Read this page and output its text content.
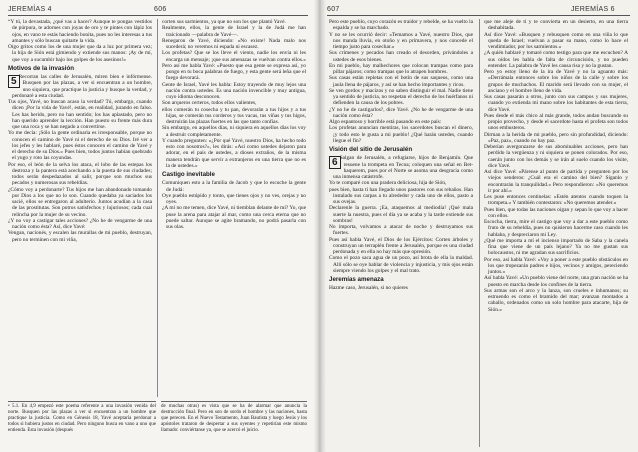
JEREMÍAS 4	606

“Y tú, la devastada, ¿qué vas a hacer? Aunque te pongas vestidos de púrpura, te adornes con joyas de oro y te pintes con lápiz los ojos, en vano te estás haciendo bonita, pues no les interesas a tus amantes y sólo buscan quitarte la vida.

Oigo gritos como los de una mujer que da a luz por primera vez; la hija de Sión está gimiendo y extiende sus manos: ¡Ay de mí, que voy a sucumbir bajo los golpes de los asesinos!»

Motivos de la invasión
5 Recorran las calles de Jerusalén, miren bien e infórmense. Busquen por las plazas, a ver si encuentran a un hombre, uno siquiera, que practique la justicia y busque la verdad, y perdonaré a esta ciudad.

Tus ojos, Yavé, no buscan acaso la verdad? Tú, embargo, cuando dicen ¡Por la vida de Yavé!, están, en realidad, jurando en falso. Les has herido, pero no han sentido; los has aplastado, pero no han querido aprender la lección. Han puesto su frente más dura que una roca y se han negado a convertirse.

Yo me decía: ¡Sólo la gente ordinaria es irresponsable, porque no conocen el camino de Yavé ni el derecho de su Dios. Iré ver a los jefes y les hablaré, pues éstos conocen el camino de Yavé y el derecho de su Dios.» Pues bien, todos juntos habían quebrado el yugo y roto las coyundas.

Por eso, el león de la selva los ataca, el lobo de las estepas los destroza y la pantera está acechando a la puerta de sus ciudades; todos serán despedazados al salir, porque son muchos sus pecados y numerosas sus rebeldías.

¿Cómo voy a perdonarte? Tus hijos me han abandonado tomando por Dios a los que no lo son. Cuando quedaba ya saciados los sacié, ellos se entregaron al adulterio. Juntos acudían a la casa de las prostitutas. Son potros satisfechos y lujuriosos; cada cual relincha por la mujer de su vecino.

¿Y no voy a castigar tales acciones? ¿No he de vengarme de una nación como ésta? Así, dice Yavé:

Vengan, nacionés, y escalen las murallas de mi pueblo, destruyan, pero no terminen con mi viña,

corten sus sarmientos, ya que no son los que plantó Yavé.

Realmente, ellos, la gente de Israel y la de Judá me han traicionado —palabra de Yavé—.

Renegaron de Yavé, diciendo: «No existe! Nada malo nos sucederá; no veremos ni espada ni escasez.

Los profetas? Que se los lleve el viento, nadie los envía ni les encarga un mensaje; ¡que sus amenazas se vuelvan contra ellos.»

Pero así me habla Yavé: «Puesto que esa gente se expresa así, yo pongo en tu boca palabras de fuego, y esta gente será leña que el fuego devorará.

Gente de Israel, Yavé les habla: Estoy trayendo de muy lejos una nación contra ustedes. Es una nación invencible y muy antigua, cuyo idioma desconocen.

Son arqueros certeros, todos ellos valientes,

ellos comerán tu cosecha y tu pan, devorarán a tus hijos y a tus hijas, se comerán tus corderos y tus vacas, tus viñas y tus higos, destruirán las plazas fuertes en las que tanto confías.

Sin embargo, en aquellos días, ni siquiera en aquellos días los voy a destruir completamente.

Y cuando pregunten: «¿Por qué Yavé, nuestro Dios, ha hecho todo esto con nosotros?», les dirás: «Así como ustedes dejaron para adorar, en el país de ustedes, a dioses extraños, de la misma manera tendrán que servir a extranjeros en una tierra que no es la de ustedes.»

Castigo inevitable

Comuniquen esto a la familia de Jacob y que lo escuche la gente de Judá:

Oye pueblo estúpido y tonto, que tienes ojos y no ves, orejas y no oyes.

¿A mí no me temen, dice Yavé, ni tiemblan delante de mí? Yo, que puse la arena para atajar al mar, como una cerca eterna que no puede saltar. Aunque se agite bramando, no podrá pasarla con sus olas.

• 5.1. En 4,9 empezó este poema referente a una invasión venida del norte. Busquen por las plazas a ver si encuentran a un hombre que practique la justicia. Como en Génesis 18, Yavé aceptaría perdonar a todos si hubiera justos en ciudad. Pero ninguno busca en vano a uno que entienda. Esta invasión (después
de muchas otras) es vista que se ha de alarmar que anuncia la destrucción final. Pero en son de sordo el hombre y las naciones, hasta que perecen. En el Nuevo Testamento, Juan Bautista y luego Jesús y los apóstoles trataron de despertar a sus oyentes y repetirían este mismo llamado: conviértanse ya, que se acercó el juicio.
607	JEREMÍAS 6

Pero este pueblo, cuyo corazón es traidor y rebelde, se ha vuelto la espalda y se ha marchado.

Y no se les ocurrió decir: «Temamos a Yavé, nuestro Dios, que nos manda lluvia, en otoño y en primavera, y nos concede el tiempo justo para cosechar.»

Sus crímenes y pecados han creado el desorden, privándoles a ustedes de esos bienes.

En mi pueblo, hay malhechores que colocan trampas como para pillar pájaros; como trampas que lo atrapen hombres.

Sus casas están repletas con el botín de sus saqueos, como una jaula llena de pájaros, y así se han hecho importantes y ricos.

Se ven gordos y macizos y no saben distinguir el mal. Nadie tiene ya sentido de justicia, no respetan el derecho de los huérfanos ni defienden la causa de los pobres.

¿Y no he de castigarlos?, dice Yavé. ¿No he de vengarme de una nación como ésta?

Algo espantoso y horrible está pasando en este país:

Los profetas anuncian mentiras, los sacerdotes buscan el dinero, ¡y todo esto le gusta a mi pueblo! ¿Qué harán ustedes, cuando llegue el fin?

Visión del sitio de Jerusalén
6 Salgan de Jerusalén, a refugiarse, hijos de Benjamín. Que resuene la trompeta en Tecoa; coloquen una señal en Bet-haquerem, pues por el Norte se asoma una desgracia como una inmensa catástrofe.

Yo te comparé con una pradera deliciosa, hija de Sión,

pues bien, hasta tí han llegado unos pastores con sus rebaños. Han instalado sus carpas a tu alrededor y cada uno de ellos, pasto a sus ovejas.

Declarenle la guerra. ¡Ea, ataquemos al mediodía! ¡Qué mala suerte la nuestra, pues el día ya se acaba y la tarde extiende sus sombras!

No importa, volvamos a atacar de noche y destruyamos sus fuertes.

Pues así habla Yavé, el Dios de los Ejércitos: Corten árboles y construyan un terraplén frente a Jerusalén, porque es una ciudad perdonada y en ella no hay más que opresión.

Como el pozo saca agua de un pozo, así brota de ella la maldad. Allí sólo se oye hablar de violencia y injusticia, y mis ojos están siempre viendo los golpes y el mal trato.

Jeremías amenaza

Hazme caso, Jerusalén, si no quieres

que me aleje de ti y te convierta en un desierto, en una tierra deshabitada.

Así dice Yavé: «Busquen y rebusquen como en una viña lo que queda de Israel; vuelvan a pasar su mano, como lo hace el vendimiador, por los sarmientos.»

¿A quién hablaré y tomaré como testigo para que me escuchen? A sus oídos les habla de falta de circuncisión, y no pueden entender. La palabra de Yavé les causa risa y no la gustan.

Pero yo estoy lleno de la ira de Yavé y no la aguanto más: «Derrámala entonces sobre los niños de la calle y sobre los grupos de muchachos. El marido será llevado con su mujer, el anciano y el hombre lleno de vida.

Sus casas pasarán a otros, junto con sus campos y sus mujeres, cuando yo extienda mi mano sobre los habitantes de esta tierra, dice Yavé.

Pues desde el más chico al más grande, todos andan buscando su propio provecho, y desde el sacerdote hasta el profeta son todos unos embusteros.

Dirman a la herida de mi pueblo, pero sin profundidad, diciendo: «Paz, paz», cuando no hay paz.

Deberían avergonzarse de sus abominables acciones, pero han perdido la vergüenza y ni siquiera se ponen colorados. Por eso, caerán junto con los demás y se irán al suelo cuando los visite, dice Yavé.

Así dice Yavé: «Párense al punto de partida y pregunten por los viejos senderos: ¿Cuál era el camino del bien? Síganlo y encontrarán la tranquilidad.» Pero respondieron: «No queremos ir por ahí.»

Les puse entonces centinelas: «Estén atentos cuando toquen la trompeta.» Y también contestaron: «No queremos atender.»

Pues bien, que todas las naciones oigan y sepan lo que voy a hacer con ellos.

Escucha, tierra, mire el castigo que voy a dar a este pueblo como fruto de su rebeldía, pues no quisieron hacerme caso cuando les hablaba, y despreciaron mi Ley.

¿Qué me importa a mí el incienso importado de Saba y la canela fina que viene de un país lejano? Ya no me gustan sus holocaustos, ni me agradan sus sacrificios.

Por eso, así habla Yavé: «Voy a poner a este pueblo obstáculos en los que tropezarán padres e hijos, vecinos y amigos, pereciendo juntos.»

Así habla Yavé: «Un pueblo viene del norte, una gran nación se ha puesto en marcha desde los confines de la tierra.

Sus armas son el arco y la lanza, son crueles e inhumanos; su estruendo es como el bramido del mar; avanzan montados a caballo, ordenados como un solo hombre para atacarte, hija de Sión.»
